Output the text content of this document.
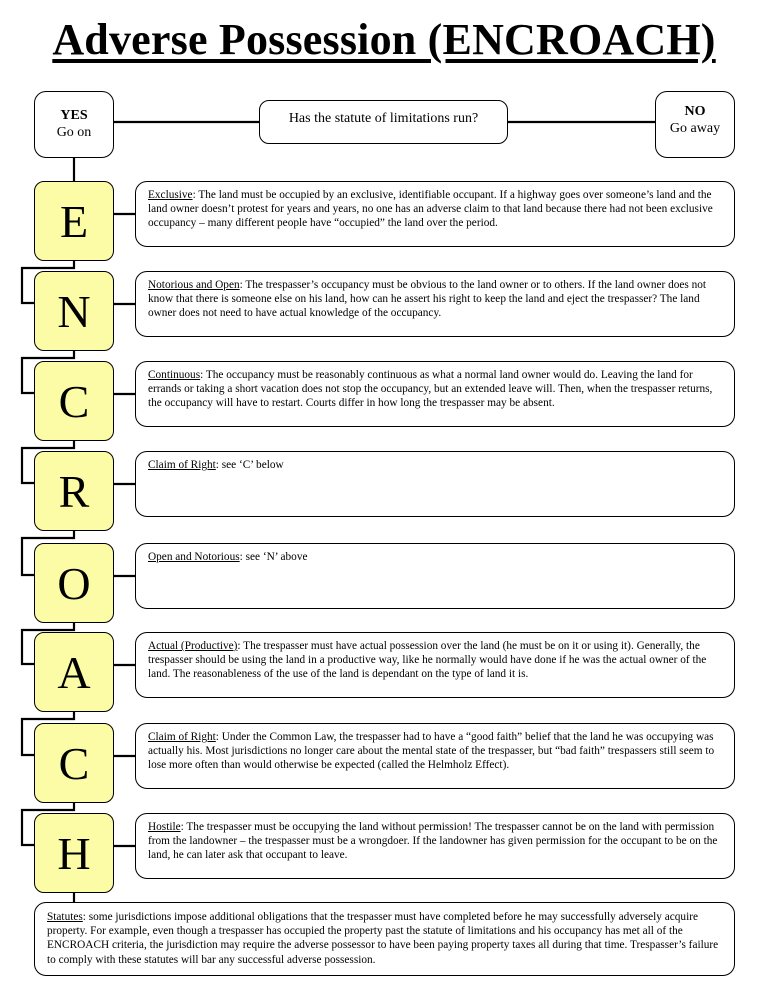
Adverse Possession (ENCROACH)
YES
Go on
Has the statute of limitations run?	NO
Go away
E
Exclusive: The land must be occupied by an exclusive, identifiable occupant. If a highway goes over someone’s land and the land owner doesn’t protest for years and years, no one has an adverse claim to that land because there had not been exclusive occupancy – many different people have “occupied” the land over the period.
N
Notorious and Open: The trespasser’s occupancy must be obvious to the land owner or to others. If the land owner does not know that there is someone else on his land, how can he assert his right to keep the land and eject the trespasser? The land owner does not need to have actual knowledge of the occupancy.
C
Continuous: The occupancy must be reasonably continuous as what a normal land owner would do. Leaving the land for errands or taking a short vacation does not stop the occupancy, but an extended leave will. Then, when the trespasser returns, the occupancy will have to restart. Courts differ in how long the trespasser may be absent.
R
Claim of Right: see ‘C’ below
O
Open and Notorious: see ‘N’ above
A
Actual (Productive): The trespasser must have actual possession over the land (he must be on it or using it). Generally, the trespasser should be using the land in a productive way, like he normally would have done if he was the actual owner of the land. The reasonableness of the use of the land is dependant on the type of land it is.
C
Claim of Right: Under the Common Law, the trespasser had to have a “good faith” belief that the land he was occupying was actually his. Most jurisdictions no longer care about the mental state of the trespasser, but “bad faith” trespassers still seem to lose more often than would otherwise be expected (called the Helmholz Effect).
H
Hostile: The trespasser must be occupying the land without permission! The trespasser cannot be on the land with permission from the landowner – the trespasser must be a wrongdoer. If the landowner has given permission for the occupant to be on the land, he can later ask that occupant to leave.
Statutes: some jurisdictions impose additional obligations that the trespasser must have completed before he may successfully adversely acquire property. For example, even though a trespasser has occupied the property past the statute of limitations and his occupancy has met all of the ENCROACH criteria, the jurisdiction may require the adverse possessor to have been paying property taxes all during that time. Trespasser’s failure to comply with these statutes will bar any successful adverse possession.
